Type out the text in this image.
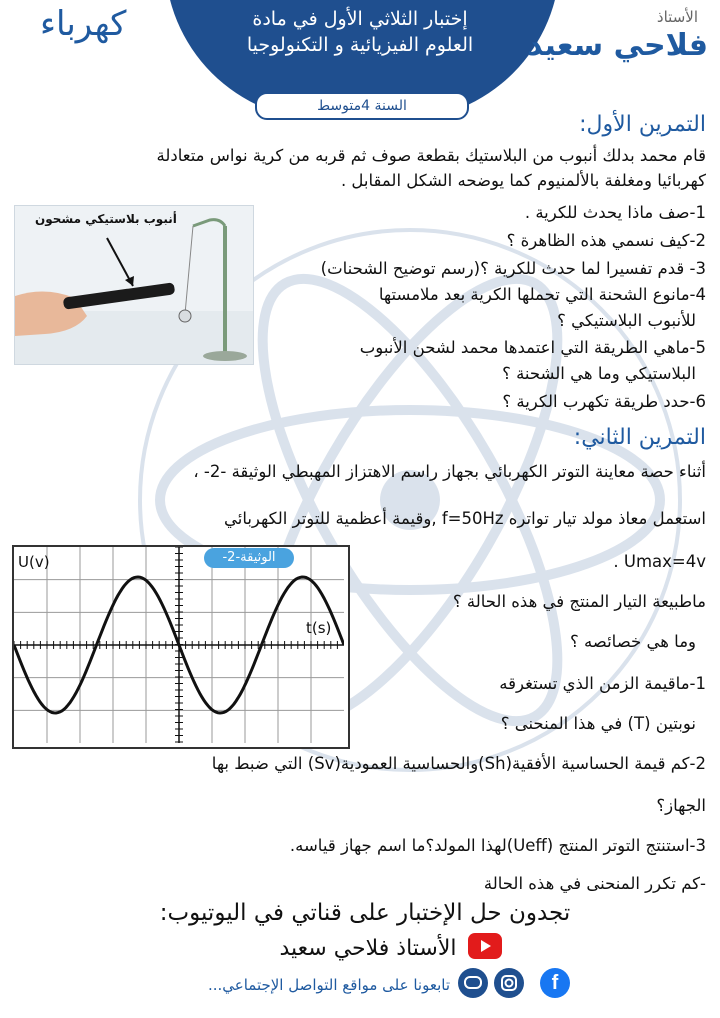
إختبار الثلاثي الأول في مادة
العلوم الفيزيائية و التكنولوجيا
السنة 4متوسط
كهرباء	الأستاذ
فلاحي سعيد
التمرين الأول:
قام محمد بدلك أنبوب من البلاستيك بقطعة صوف ثم قربه من كرية نواس متعادلة
كهربائيا ومغلفة بالألمنيوم كما يوضحه الشكل المقابل .
1-صف ماذا يحدث للكرية .
2-كيف نسمي هذه الظاهرة ؟
3- قدم تفسيرا لما حدث للكرية ؟(رسم توضيح الشحنات)
4-مانوع الشحنة التي تحملها الكرية بعد ملامستها
للأنبوب البلاستيكي ؟
5-ماهي الطريقة التي اعتمدها محمد لشحن الأنبوب
البلاستيكي وما هي الشحنة ؟
6-حدد طريقة تكهرب الكرية ؟
أنبوب بلاستيكي مشحون
التمرين الثاني:
أثناء حصة معاينة التوتر الكهربائي بجهاز راسم الاهتزاز المهبطي الوثيقة -2- ،
استعمل معاذ مولد تيار تواتره f=50Hz ,وقيمة أعظمية للتوتر الكهربائي
Umax=4v .
ماطبيعة التيار المنتج في هذه الحالة ؟
وما هي خصائصه ؟
1-ماقيمة الزمن الذي تستغرقه
نوبتين (T) في هذا المنحنى ؟
2-كم قيمة الحساسية الأفقية(Sh)والحساسية العمودية(Sv) التي ضبط بها
الجهاز؟
3-استنتج التوتر المنتج (Ueff)لهذا المولد؟ما اسم جهاز قياسه.
-كم تكرر المنحنى في هذه الحالة
U(v)
t(s)
الوثيقة-2-
تجدون حل الإختبار على قناتي في اليوتيوب:
الأستاذ فلاحي سعيد
تابعونا على مواقع التواصل الإجتماعي...	f
